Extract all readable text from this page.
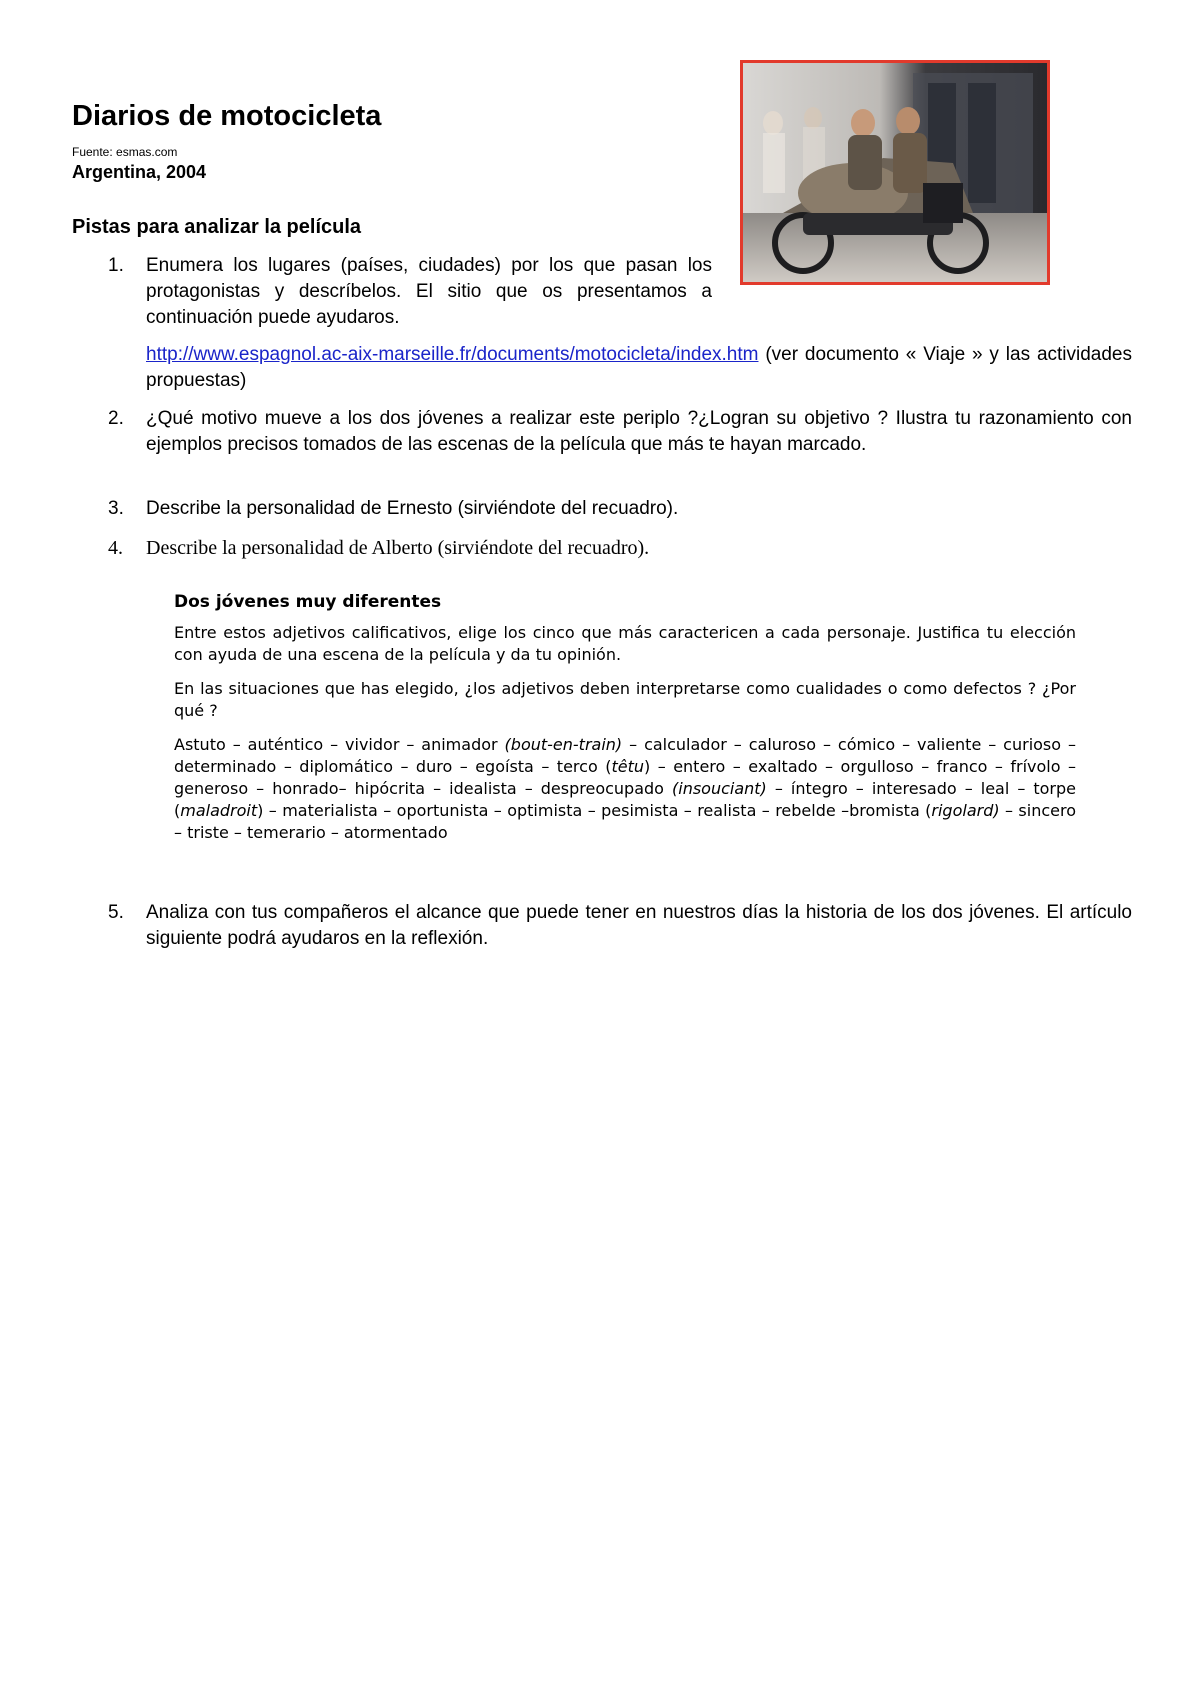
Diarios de motocicleta
Fuente: esmas.com
Argentina, 2004
Pistas para analizar la película
1.	Enumera los lugares (países, ciudades) por los que pasan los protagonistas y descríbelos. El sitio que os presentamos a continuación puede ayudaros.
http://www.espagnol.ac-aix-marseille.fr/documents/motocicleta/index.htm (ver documento « Viaje » y las actividades propuestas)
2.	¿Qué motivo mueve a los dos jóvenes a realizar este periplo ?¿Logran su objetivo ? Ilustra tu razonamiento con ejemplos precisos tomados de las escenas de la película que más te hayan marcado.
3.	Describe la personalidad de Ernesto (sirviéndote del recuadro).
4.	Describe la personalidad de Alberto (sirviéndote del recuadro).

Dos jóvenes muy diferentes

Entre estos adjetivos calificativos, elige los cinco que más caractericen a cada personaje. Justifica tu elección con ayuda de una escena de la película y da tu opinión.

En las situaciones que has elegido, ¿los adjetivos deben interpretarse como cualidades o como defectos ? ¿Por qué ?

Astuto – auténtico – vividor – animador (bout-en-train) – calculador – caluroso – cómico – valiente – curioso – determinado – diplomático – duro – egoísta – terco (têtu) – entero – exaltado – orgulloso – franco – frívolo – generoso – honrado– hipócrita – idealista – despreocupado (insouciant) – íntegro – interesado – leal – torpe (maladroit) – materialista – oportunista – optimista – pesimista – realista – rebelde –bromista (rigolard) – sincero – triste – temerario – atormentado

5.	Analiza con tus compañeros el alcance que puede tener en nuestros días la historia de los dos jóvenes. El artículo siguiente podrá ayudaros en la reflexión.
